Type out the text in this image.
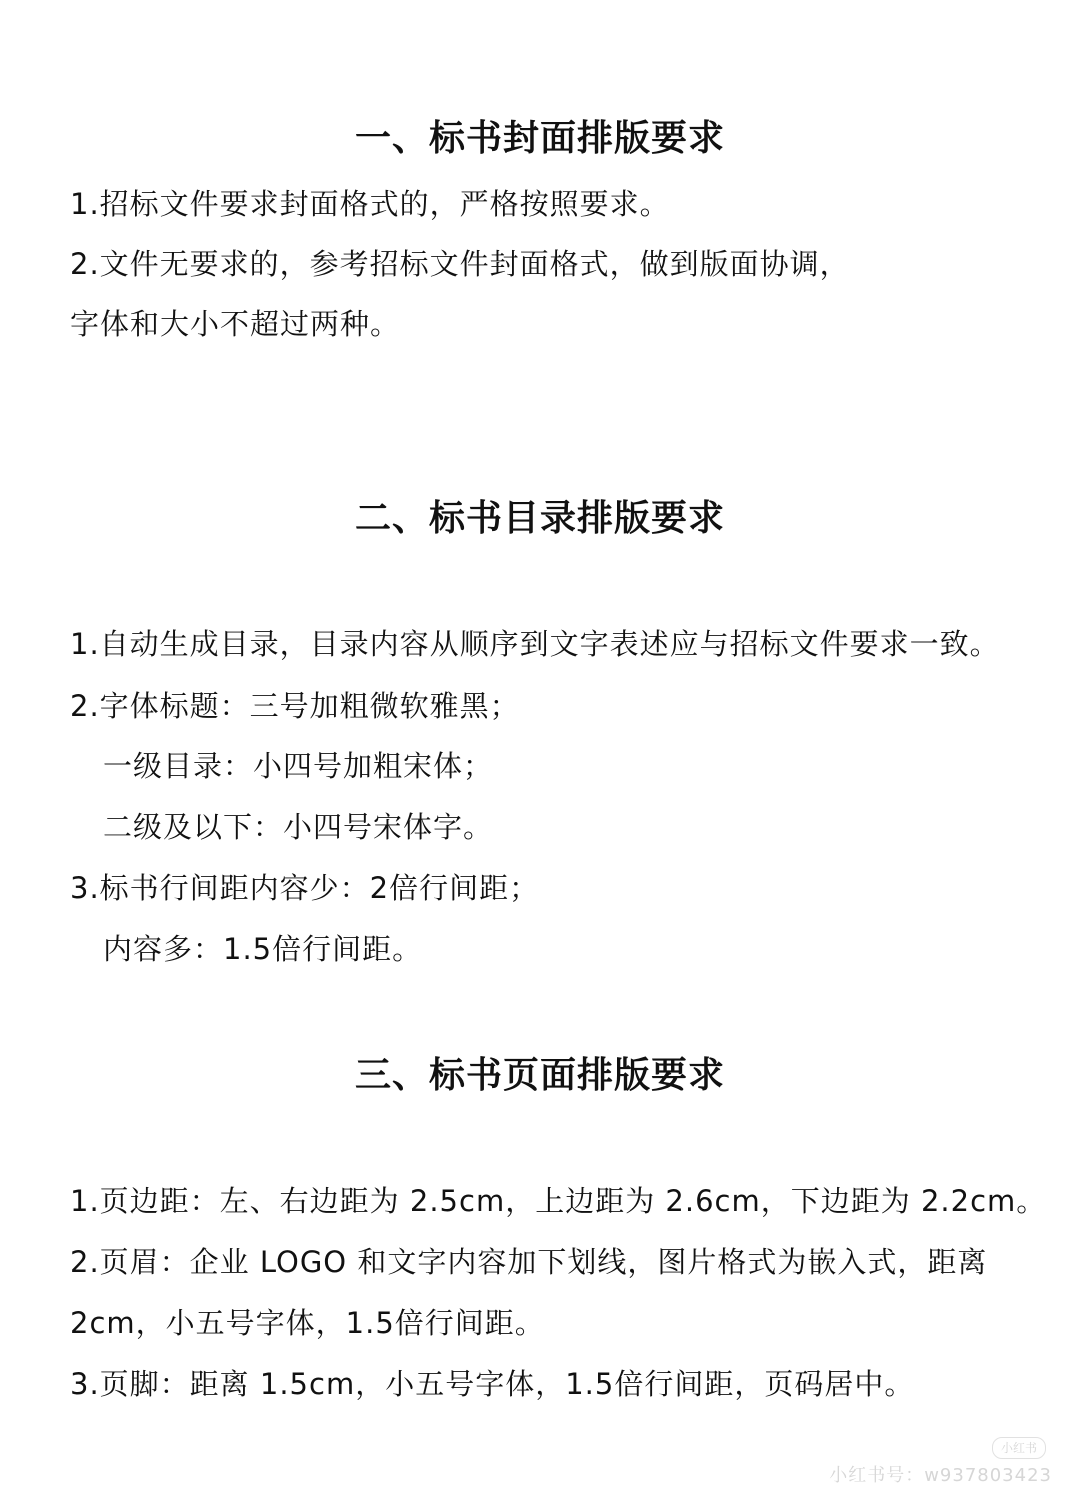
一、标书封面排版要求
1.招标文件要求封面格式的，严格按照要求。
2.文件无要求的，参考招标文件封面格式，做到版面协调，
字体和大小不超过两种。
二、标书目录排版要求
1.自动生成目录，目录内容从顺序到文字表述应与招标文件要求一致。
2.字体标题：三号加粗微软雅黑；
一级目录：小四号加粗宋体；
二级及以下：小四号宋体字。
3.标书行间距内容少：2倍行间距；
内容多：1.5倍行间距。
三、标书页面排版要求
1.页边距：左、右边距为 2.5cm，上边距为 2.6cm，下边距为 2.2cm。
2.页眉：企业 LOGO 和文字内容加下划线，图片格式为嵌入式，距离
2cm，小五号字体，1.5倍行间距。
3.页脚：距离 1.5cm，小五号字体，1.5倍行间距，页码居中。
小红书
小红书号：w937803423
